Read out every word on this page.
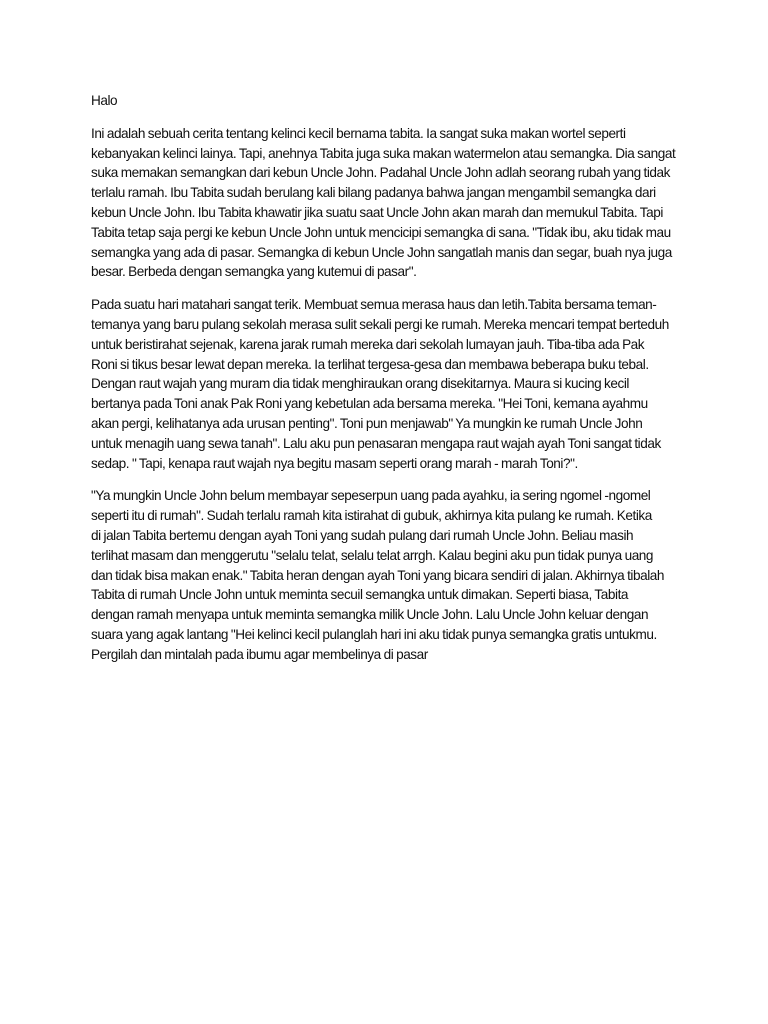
Halo
Ini adalah sebuah cerita tentang kelinci kecil bernama tabita. Ia sangat suka makan wortel seperti
kebanyakan kelinci lainya. Tapi, anehnya Tabita juga suka makan watermelon atau semangka. Dia sangat
suka memakan semangkan dari kebun Uncle John. Padahal Uncle John adlah seorang rubah yang tidak
terlalu ramah. Ibu Tabita sudah berulang kali bilang padanya bahwa jangan mengambil semangka dari
kebun Uncle John. Ibu Tabita khawatir jika suatu saat Uncle John akan marah dan memukul Tabita. Tapi
Tabita tetap saja pergi ke kebun Uncle John untuk mencicipi semangka di sana. "Tidak ibu, aku tidak mau
semangka yang ada di pasar. Semangka di kebun Uncle John sangatlah manis dan segar, buah nya juga
besar. Berbeda dengan semangka yang kutemui di pasar".
Pada suatu hari matahari sangat terik. Membuat semua merasa haus dan letih.Tabita bersama teman-
temanya yang baru pulang sekolah merasa sulit sekali pergi ke rumah. Mereka mencari tempat berteduh
untuk beristirahat sejenak, karena jarak rumah mereka dari sekolah lumayan jauh. Tiba-tiba ada Pak
Roni si tikus besar lewat depan mereka. Ia terlihat tergesa-gesa dan membawa beberapa buku tebal.
Dengan raut wajah yang muram dia tidak menghiraukan orang disekitarnya. Maura si kucing kecil
bertanya pada Toni anak Pak Roni yang kebetulan ada bersama mereka. "Hei Toni, kemana ayahmu
akan pergi, kelihatanya ada urusan penting". Toni pun menjawab" Ya mungkin ke rumah Uncle John
untuk menagih uang sewa tanah". Lalu aku pun penasaran mengapa raut wajah ayah Toni sangat tidak
sedap. " Tapi, kenapa raut wajah nya begitu masam seperti orang marah - marah Toni?".
"Ya mungkin Uncle John belum membayar sepeserpun uang pada ayahku, ia sering ngomel -ngomel
seperti itu di rumah". Sudah terlalu ramah kita istirahat di gubuk, akhirnya kita pulang ke rumah. Ketika
di jalan Tabita bertemu dengan ayah Toni yang sudah pulang dari rumah Uncle John. Beliau masih
terlihat masam dan menggerutu "selalu telat, selalu telat arrgh. Kalau begini aku pun tidak punya uang
dan tidak bisa makan enak." Tabita heran dengan ayah Toni yang bicara sendiri di jalan. Akhirnya tibalah
Tabita di rumah Uncle John untuk meminta secuil semangka untuk dimakan. Seperti biasa, Tabita
dengan ramah menyapa untuk meminta semangka milik Uncle John. Lalu Uncle John keluar dengan
suara yang agak lantang "Hei kelinci kecil pulanglah hari ini aku tidak punya semangka gratis untukmu.
Pergilah dan mintalah pada ibumu agar membelinya di pasar
